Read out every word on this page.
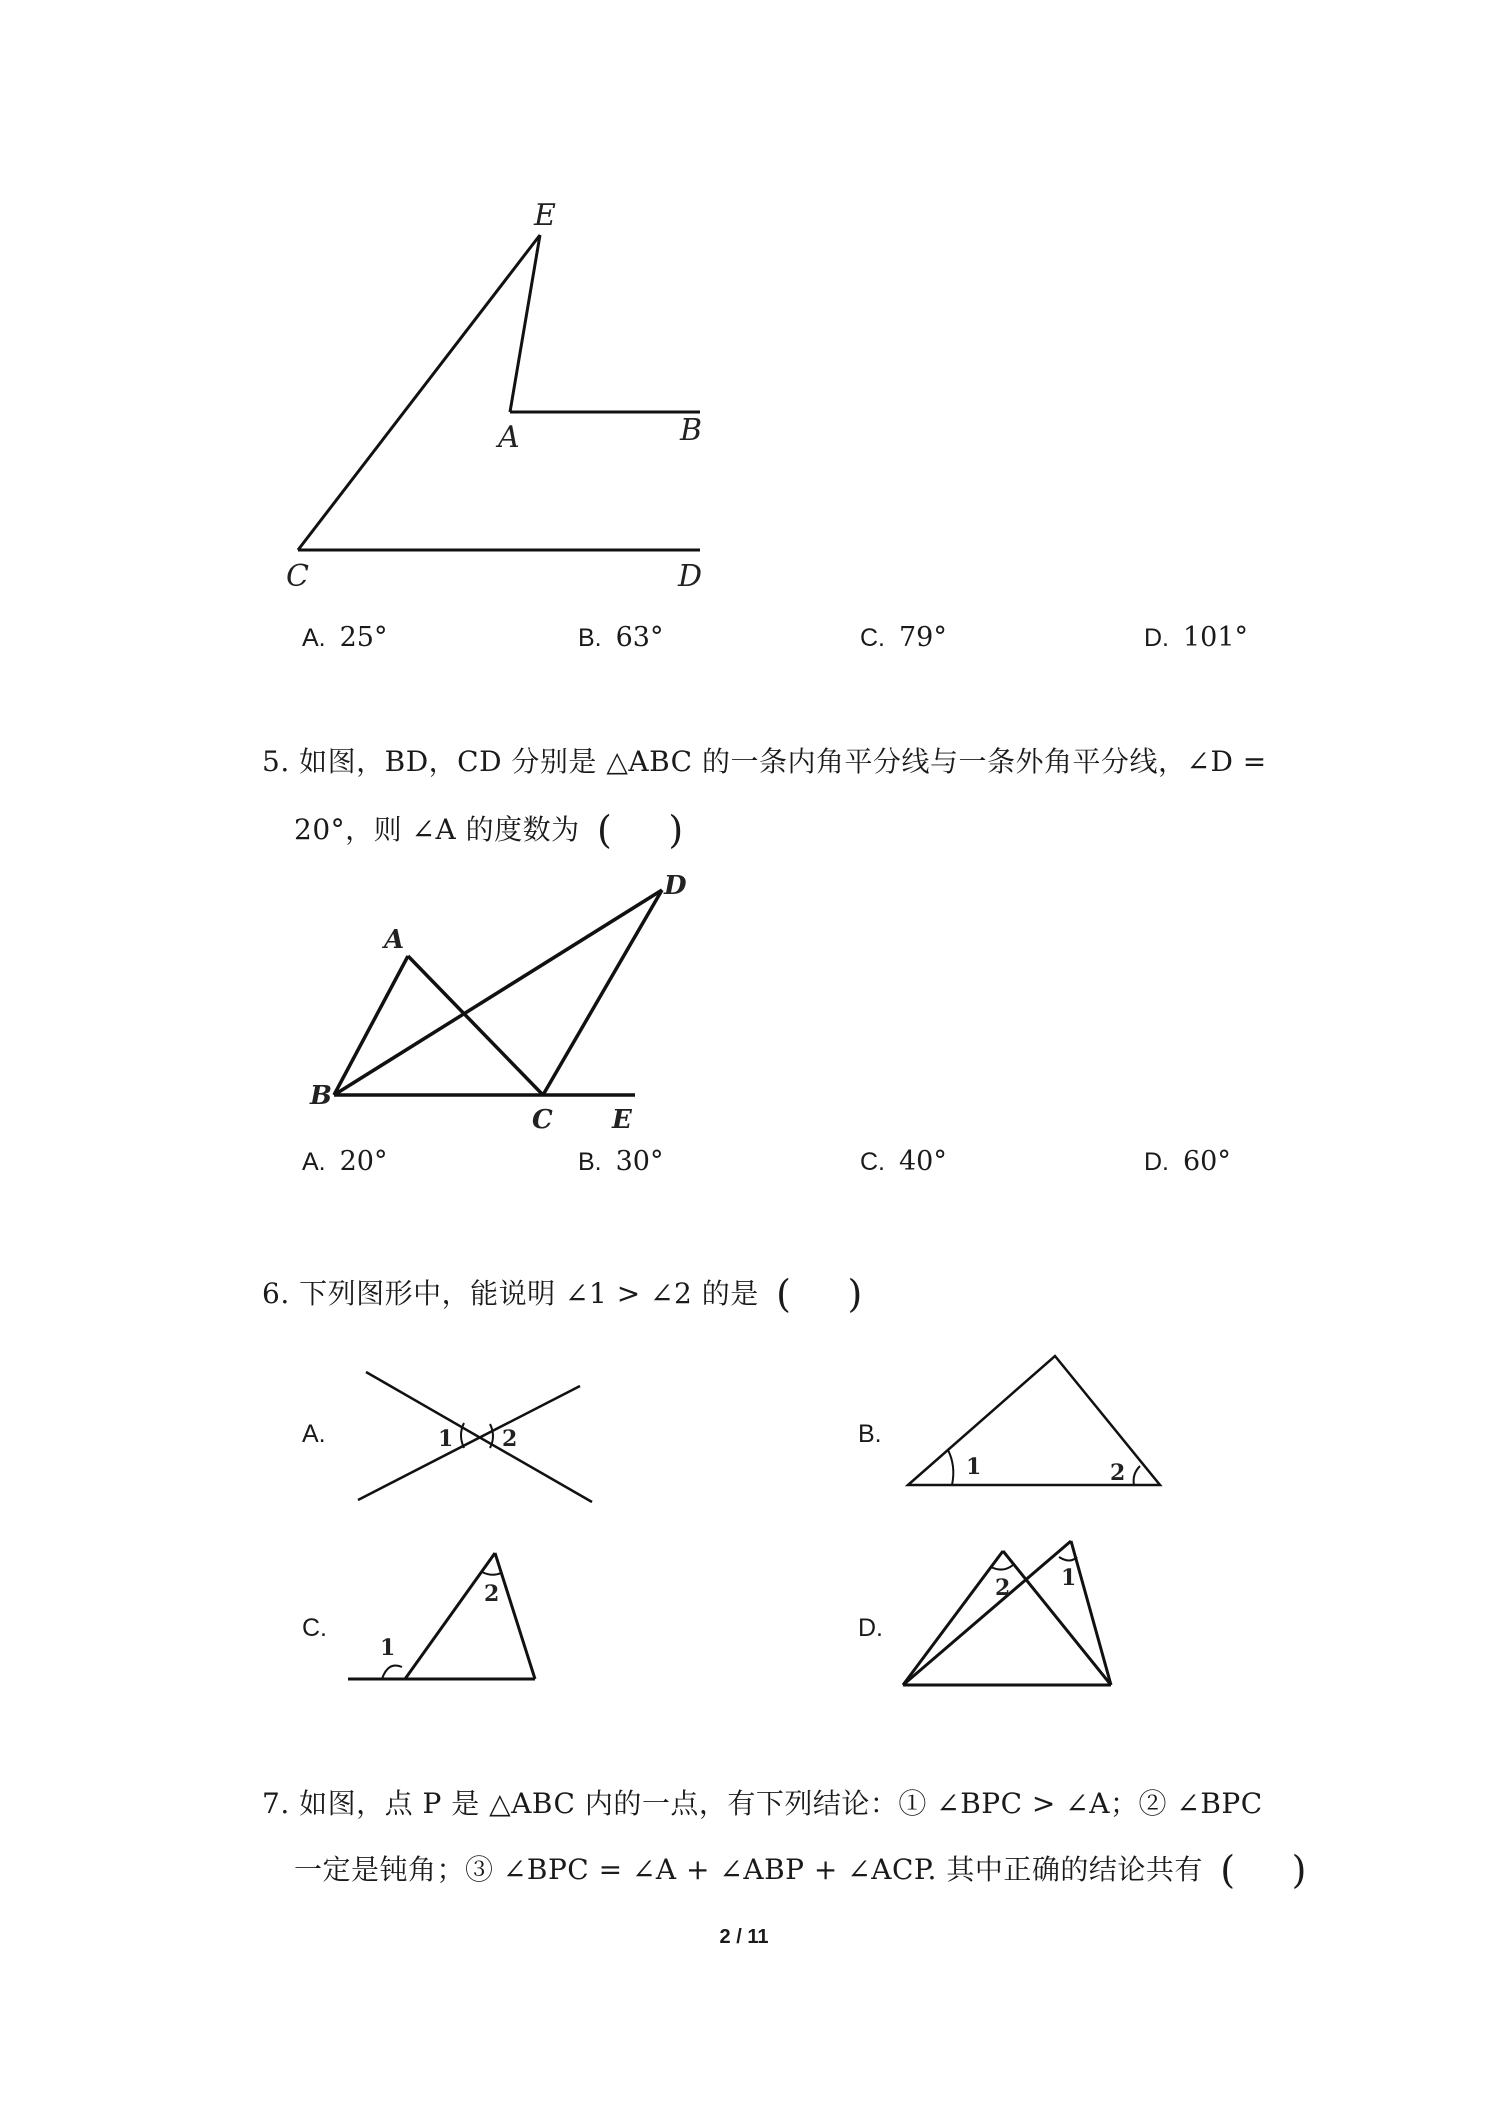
E
A	B
C	D
A. 25°	B. 63°	C. 79°	D. 101°
5. 如图，BD，CD 分别是 △ABC 的一条内角平分线与一条外角平分线，∠D =
20°，则 ∠A 的度数为 ( )
A
B
C
D
E
A. 20°	B. 30°	C. 40°	D. 60°
6. 下列图形中，能说明 ∠1 > ∠2 的是 ( )
A.	1 2	B.
1	2
C.
1
2
D.
2 1
7. 如图，点 P 是 △ABC 内的一点，有下列结论：① ∠BPC > ∠A；② ∠BPC
一定是钝角；③ ∠BPC = ∠A + ∠ABP + ∠ACP. 其中正确的结论共有 ( )
2 / 11
